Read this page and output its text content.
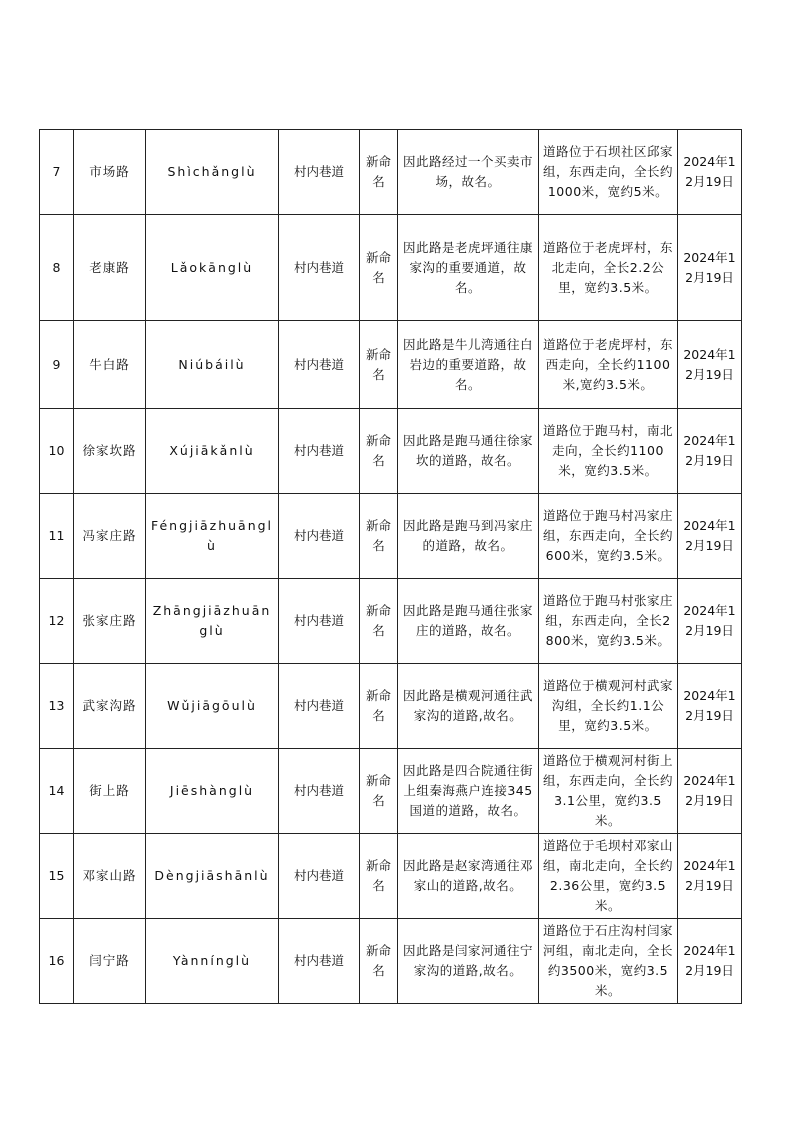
7	市场路	Shìchǎnglù	村内巷道	新命名	因此路经过一个买卖市场，故名。	道路位于石坝社区邱家组，东西走向，全长约1000米，宽约5米。	2024年12月19日
8	老康路	Lǎokānglù	村内巷道	新命名	因此路是老虎坪通往康家沟的重要通道，故名。	道路位于老虎坪村，东北走向，全长2.2公里，宽约3.5米。	2024年12月19日
9	牛白路	Niúbáilù	村内巷道	新命名	因此路是牛儿湾通往白岩边的重要道路，故名。	道路位于老虎坪村，东西走向，全长约1100米,宽约3.5米。	2024年12月19日
10	徐家坎路	Xújiākǎnlù	村内巷道	新命名	因此路是跑马通往徐家坎的道路，故名。	道路位于跑马村，南北走向，全长约1100米，宽约3.5米。	2024年12月19日
11	冯家庄路	Féngjiāzhuānglù	村内巷道	新命名	因此路是跑马到冯家庄的道路，故名。	道路位于跑马村冯家庄组，东西走向，全长约600米，宽约3.5米。	2024年12月19日
12	张家庄路	Zhāngjiāzhuānglù	村内巷道	新命名	因此路是跑马通往张家庄的道路，故名。	道路位于跑马村张家庄组，东西走向，全长2800米，宽约3.5米。	2024年12月19日
13	武家沟路	Wǔjiāgōulù	村内巷道	新命名	因此路是横观河通往武家沟的道路,故名。	道路位于横观河村武家沟组，全长约1.1公里，宽约3.5米。	2024年12月19日
14	街上路	Jiēshànglù	村内巷道	新命名	因此路是四合院通往街上组秦海燕户连接345国道的道路，故名。	道路位于横观河村街上组，东西走向，全长约3.1公里，宽约3.5米。	2024年12月19日
15	邓家山路	Dèngjiāshānlù	村内巷道	新命名	因此路是赵家湾通往邓家山的道路,故名。	道路位于毛坝村邓家山组，南北走向，全长约2.36公里，宽约3.5米。	2024年12月19日
16	闫宁路	Yànnínglù	村内巷道	新命名	因此路是闫家河通往宁家沟的道路,故名。	道路位于石庄沟村闫家河组，南北走向，全长约3500米，宽约3.5米。	2024年12月19日
